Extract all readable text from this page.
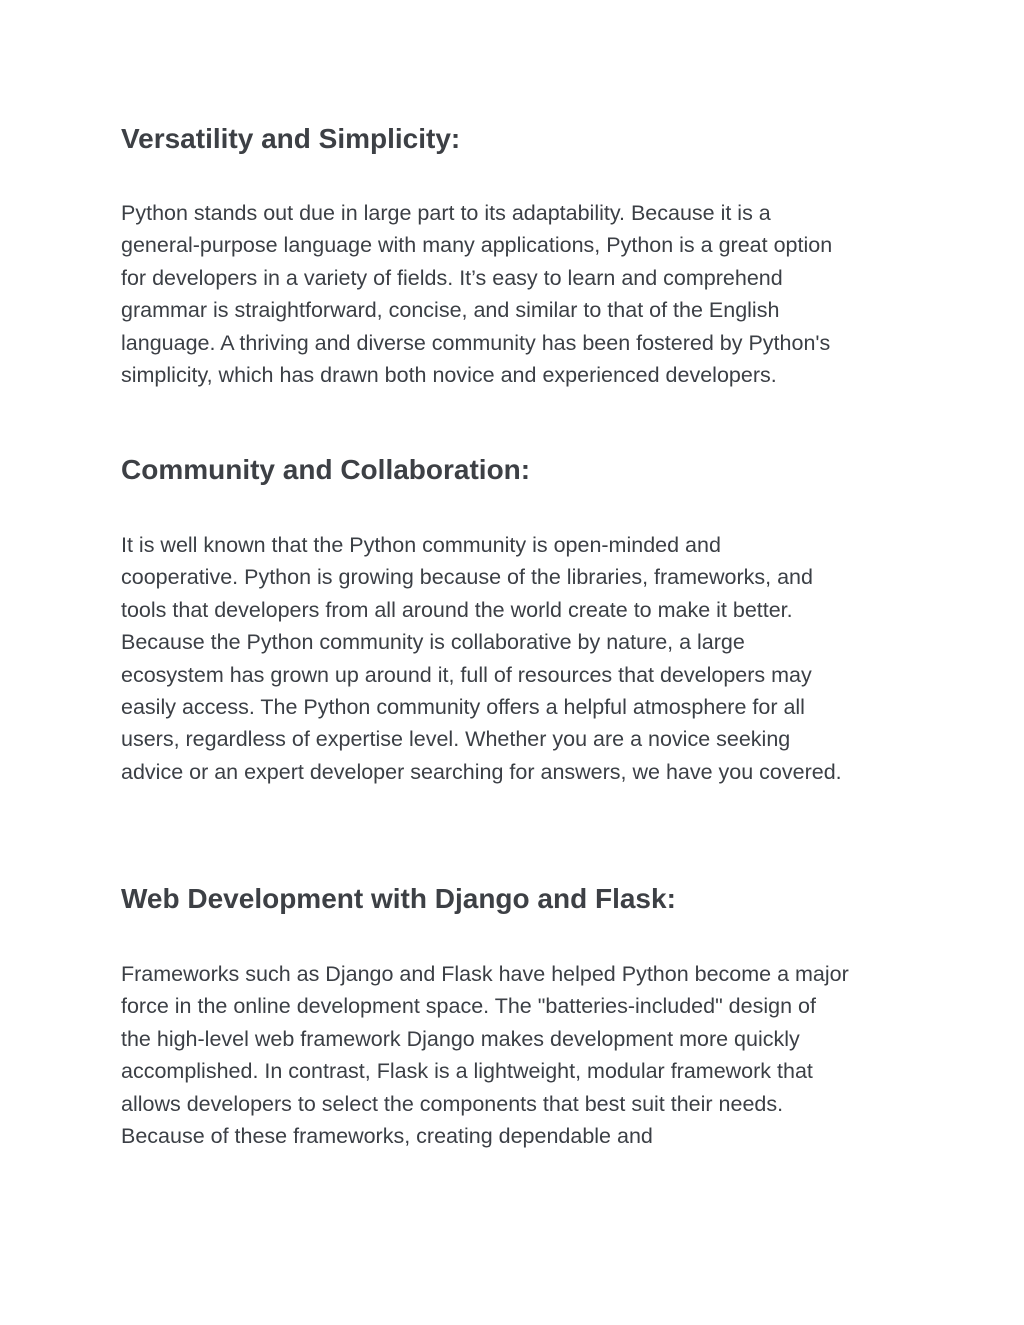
Versatility and Simplicity:

Python stands out due in large part to its adaptability. Because it is a
general-purpose language with many applications, Python is a great option
for developers in a variety of fields. It’s easy to learn and comprehend
grammar is straightforward, concise, and similar to that of the English
language. A thriving and diverse community has been fostered by Python's
simplicity, which has drawn both novice and experienced developers.

Community and Collaboration:

It is well known that the Python community is open-minded and
cooperative. Python is growing because of the libraries, frameworks, and
tools that developers from all around the world create to make it better.
Because the Python community is collaborative by nature, a large
ecosystem has grown up around it, full of resources that developers may
easily access. The Python community offers a helpful atmosphere for all
users, regardless of expertise level. Whether you are a novice seeking
advice or an expert developer searching for answers, we have you covered.

Web Development with Django and Flask:

Frameworks such as Django and Flask have helped Python become a major
force in the online development space. The "batteries-included" design of
the high-level web framework Django makes development more quickly
accomplished. In contrast, Flask is a lightweight, modular framework that
allows developers to select the components that best suit their needs.
Because of these frameworks, creating dependable and
